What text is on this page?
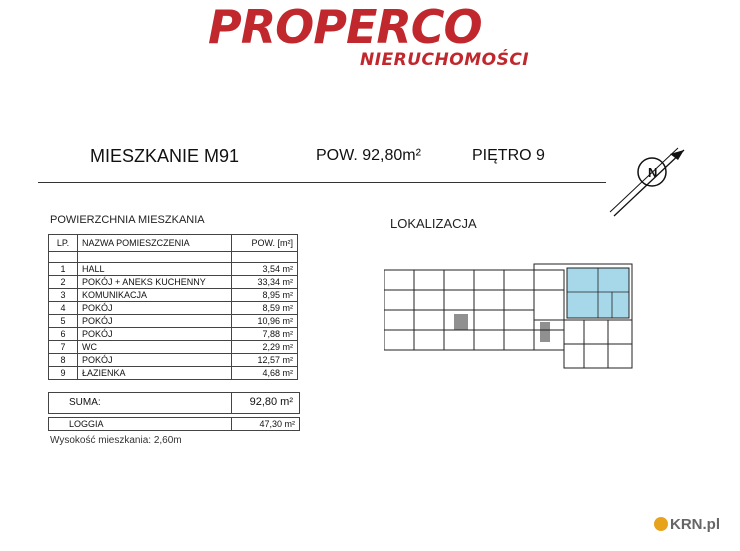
PROPERCO
NIERUCHOMOŚCI
MIESZKANIE M91	POW. 92,80m²	PIĘTRO 9
N
POWIERZCHNIA MIESZKANIA	LOKALIZACJA
LP.	NAZWA POMIESZCZENIA	POW. [m²]
1	HALL	3,54 m²
2	POKÓJ + ANEKS KUCHENNY	33,34 m²
3	KOMUNIKACJA	8,95 m²
4	POKÓJ	8,59 m²
5	POKÓJ	10,96 m²
6	POKÓJ	7,88 m²
7	WC	2,29 m²
8	POKÓJ	12,57 m²
9	ŁAZIENKA	4,68 m²
SUMA:	92,80 m²
LOGGIA	47,30 m²
Wysokość mieszkania: 2,60m
KRN.pl
